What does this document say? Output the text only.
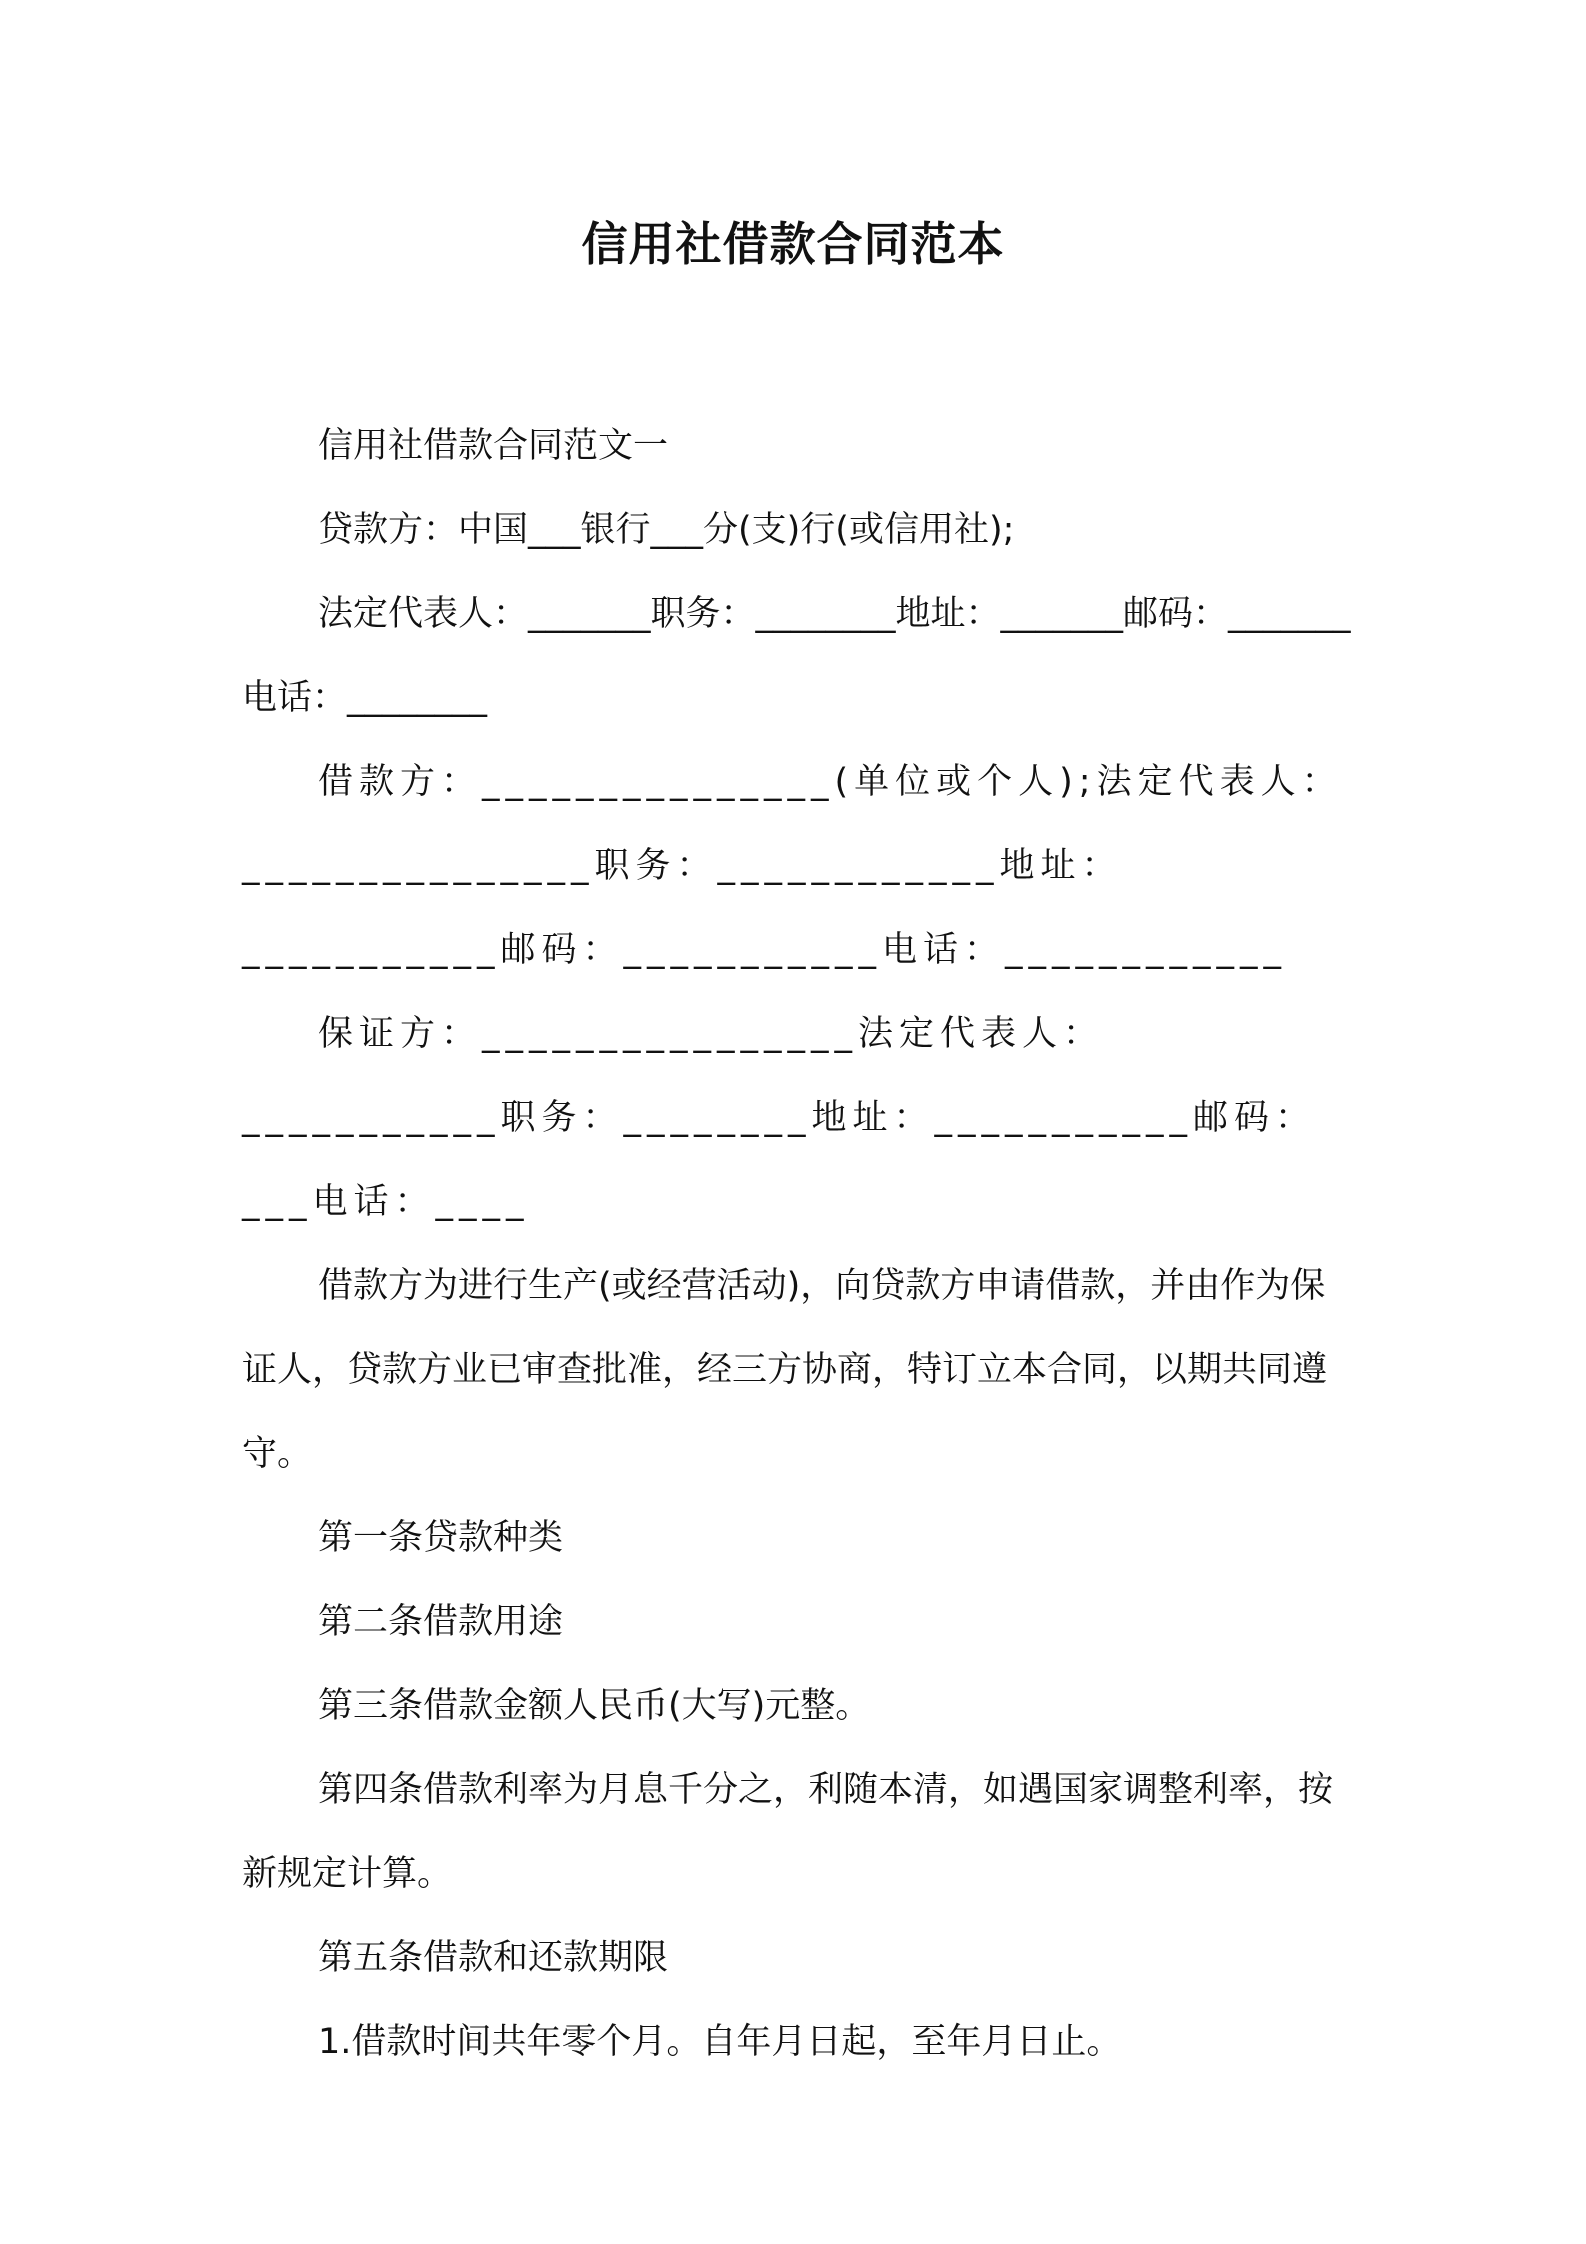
信用社借款合同范本

信用社借款合同范文一

贷款方：中国___银行___分(支)行(或信用社);

法定代表人：_______职务：________地址：_______邮码：_______电话：________

借款方：_______________(单位或个人);法定代表人：_______________职务：____________地址：___________邮码：___________电话：____________

保证方：________________法定代表人：___________职务：________地址：___________邮码：___电话：____

借款方为进行生产(或经营活动)，向贷款方申请借款，并由作为保证人，贷款方业已审查批准，经三方协商，特订立本合同，以期共同遵守。

第一条贷款种类

第二条借款用途

第三条借款金额人民币(大写)元整。

第四条借款利率为月息千分之，利随本清，如遇国家调整利率，按新规定计算。

第五条借款和还款期限

1.借款时间共年零个月。自年月日起，至年月日止。
